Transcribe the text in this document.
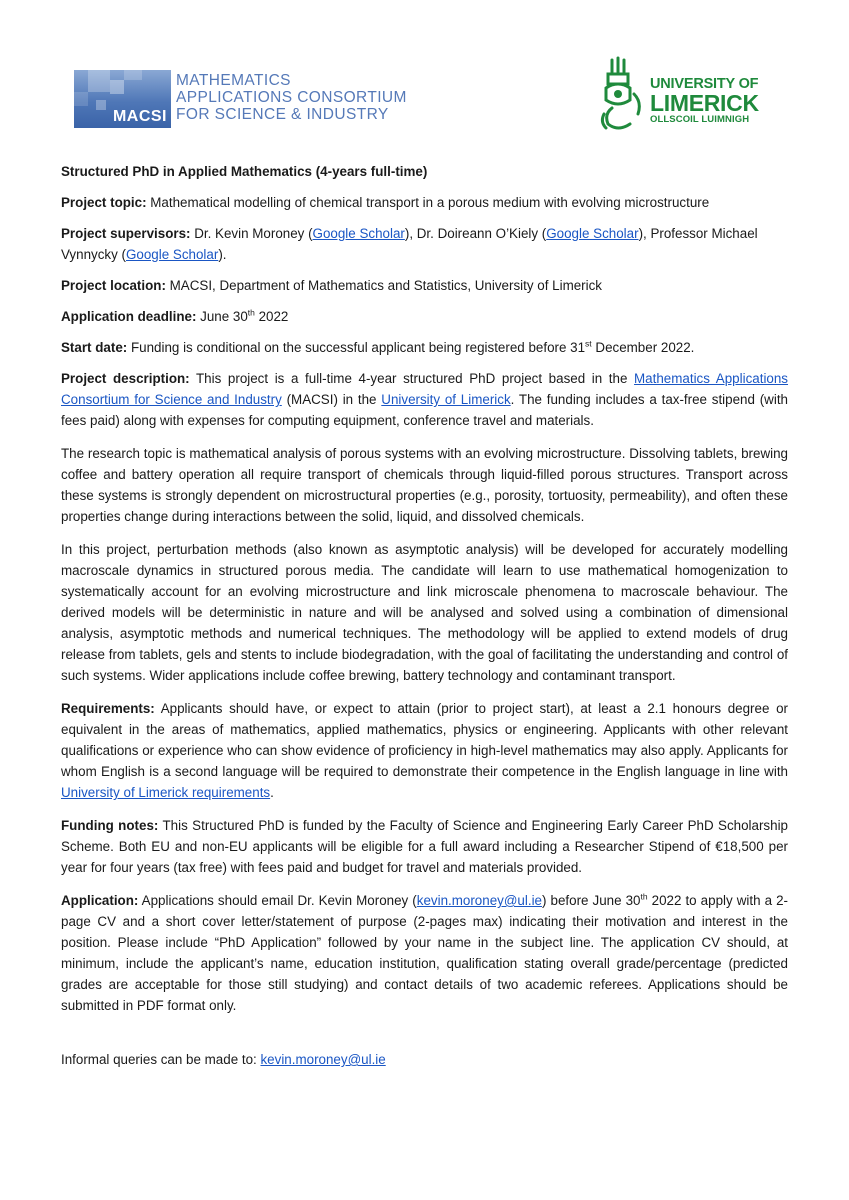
MACSI
MATHEMATICS
APPLICATIONS CONSORTIUM
FOR SCIENCE & INDUSTRY
UNIVERSITY OF
LIMERICK
OLLSCOIL LUIMNIGH

Structured PhD in Applied Mathematics (4-years full-time)

Project topic: Mathematical modelling of chemical transport in a porous medium with evolving microstructure

Project supervisors: Dr. Kevin Moroney (Google Scholar), Dr. Doireann O’Kiely (Google Scholar), Professor Michael Vynnycky (Google Scholar).

Project location: MACSI, Department of Mathematics and Statistics, University of Limerick

Application deadline: June 30th 2022

Start date: Funding is conditional on the successful applicant being registered before 31st December 2022.

Project description: This project is a full-time 4-year structured PhD project based in the Mathematics Applications Consortium for Science and Industry (MACSI) in the University of Limerick. The funding includes a tax-free stipend (with fees paid) along with expenses for computing equipment, conference travel and materials.

The research topic is mathematical analysis of porous systems with an evolving microstructure. Dissolving tablets, brewing coffee and battery operation all require transport of chemicals through liquid-filled porous structures. Transport across these systems is strongly dependent on microstructural properties (e.g., porosity, tortuosity, permeability), and often these properties change during interactions between the solid, liquid, and dissolved chemicals.

In this project, perturbation methods (also known as asymptotic analysis) will be developed for accurately modelling macroscale dynamics in structured porous media. The candidate will learn to use mathematical homogenization to systematically account for an evolving microstructure and link microscale phenomena to macroscale behaviour. The derived models will be deterministic in nature and will be analysed and solved using a combination of dimensional analysis, asymptotic methods and numerical techniques. The methodology will be applied to extend models of drug release from tablets, gels and stents to include biodegradation, with the goal of facilitating the understanding and control of such systems. Wider applications include coffee brewing, battery technology and contaminant transport.

Requirements: Applicants should have, or expect to attain (prior to project start), at least a 2.1 honours degree or equivalent in the areas of mathematics, applied mathematics, physics or engineering. Applicants with other relevant qualifications or experience who can show evidence of proficiency in high-level mathematics may also apply. Applicants for whom English is a second language will be required to demonstrate their competence in the English language in line with University of Limerick requirements.

Funding notes: This Structured PhD is funded by the Faculty of Science and Engineering Early Career PhD Scholarship Scheme. Both EU and non-EU applicants will be eligible for a full award including a Researcher Stipend of €18,500 per year for four years (tax free) with fees paid and budget for travel and materials provided.

Application: Applications should email Dr. Kevin Moroney (kevin.moroney@ul.ie) before June 30th 2022 to apply with a 2-page CV and a short cover letter/statement of purpose (2-pages max) indicating their motivation and interest in the position. Please include “PhD Application” followed by your name in the subject line. The application CV should, at minimum, include the applicant’s name, education institution, qualification stating overall grade/percentage (predicted grades are acceptable for those still studying) and contact details of two academic referees. Applications should be submitted in PDF format only.

Informal queries can be made to: kevin.moroney@ul.ie
